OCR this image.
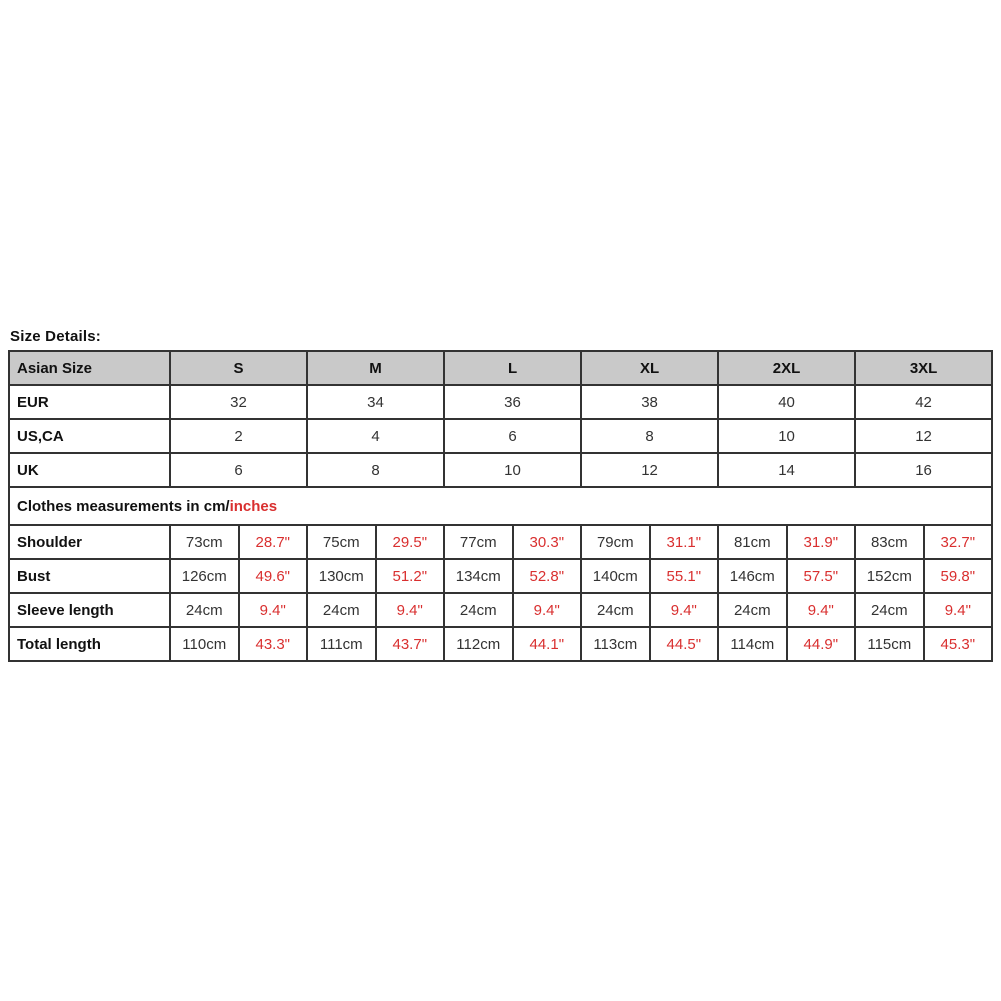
Size Details:

Asian Size	S		M		L		XL		2XL		3XL	
EUR	32		34		36		38		40		42	
US,CA	2		4		6		8		10		12	
UK	6		8		10		12		14		16	
Clothes measurements in cm/inches												
Shoulder	73cm	28.7"	75cm	29.5"	77cm	30.3"	79cm	31.1"	81cm	31.9"	83cm	32.7"
Bust	126cm	49.6"	130cm	51.2"	134cm	52.8"	140cm	55.1"	146cm	57.5"	152cm	59.8"
Sleeve length	24cm	9.4"	24cm	9.4"	24cm	9.4"	24cm	9.4"	24cm	9.4"	24cm	9.4"
Total length	110cm	43.3"	111cm	43.7"	112cm	44.1"	113cm	44.5"	114cm	44.9"	115cm	45.3"
